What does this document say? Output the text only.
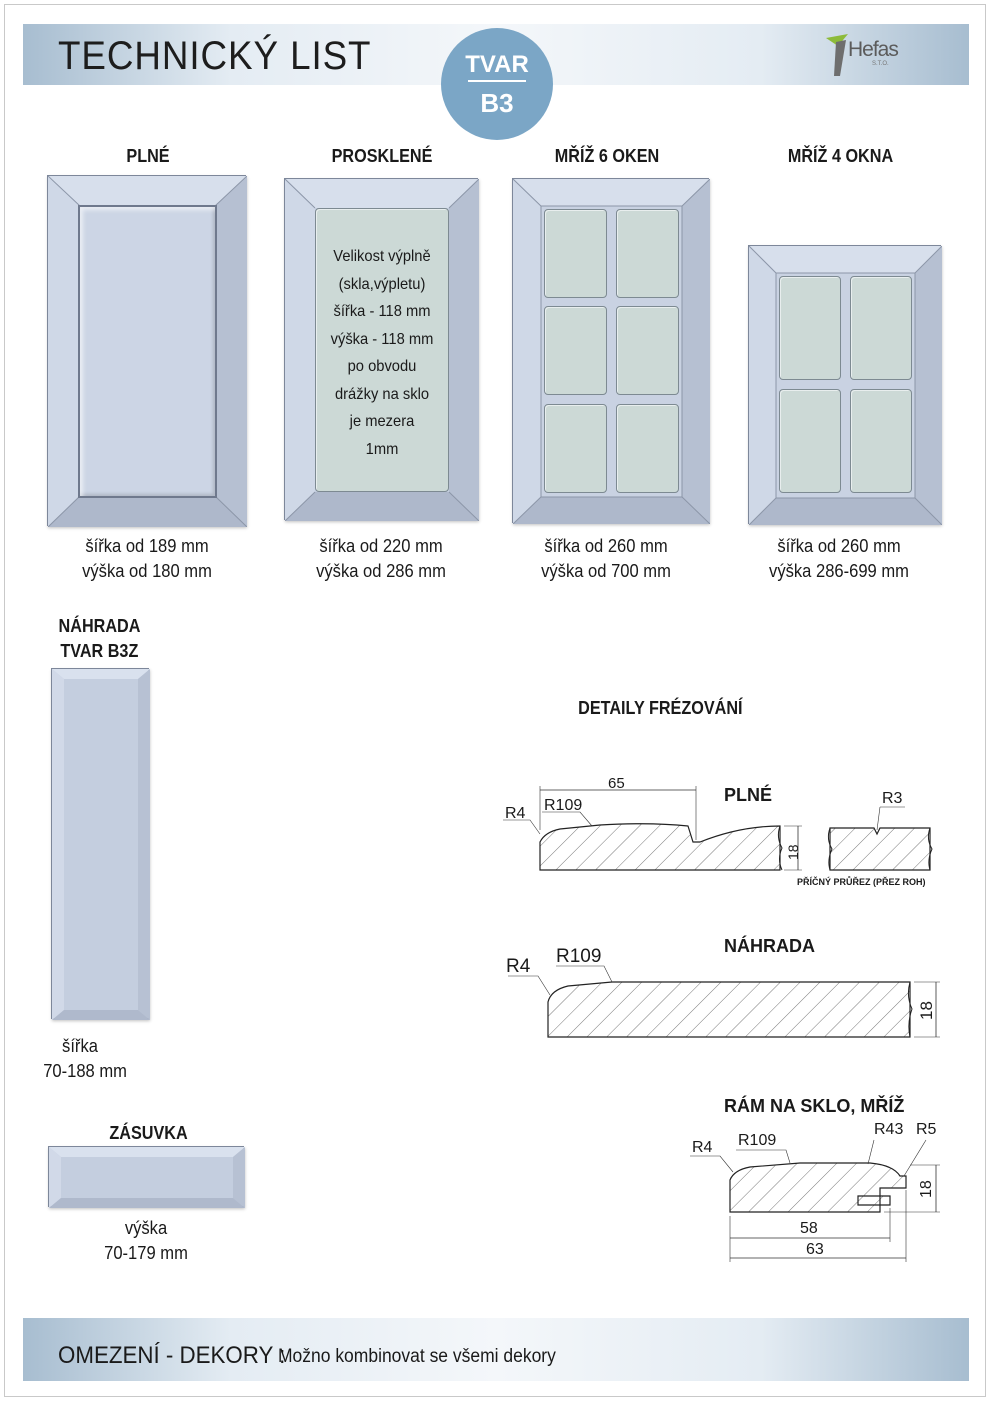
TECHNICKÝ LIST	TVAR
B3
Hefas
S.T.O.
PLNÉ	PROSKLENÉ	MŘÍŽ 6 OKEN	MŘÍŽ 4 OKNA
Velikost výplně
(skla,výpletu)
šířka - 118 mm
výška - 118 mm
po obvodu
drážky na sklo
je mezera
1mm
šířka od 189 mm
výška od 180 mm
šířka od 220 mm
výška od 286 mm
šířka od 260 mm
výška od 700 mm
šířka od 260 mm
výška 286-699 mm
NÁHRADA
TVAR B3Z
šířka
70-188 mm
ZÁSUVKA
výška
70-179 mm
DETAILY FRÉZOVÁNÍ
65
R109
R4
PLNÉ
18
R3
PŘÍČNÝ PRŮŘEZ (PŘEZ ROH)
NÁHRADA
R4 R109
18
RÁM NA SKLO, MŘÍŽ
R4 R109
R43 R5
18
58
63
OMEZENÍ - DEKORY :
Možno kombinovat se všemi dekory
